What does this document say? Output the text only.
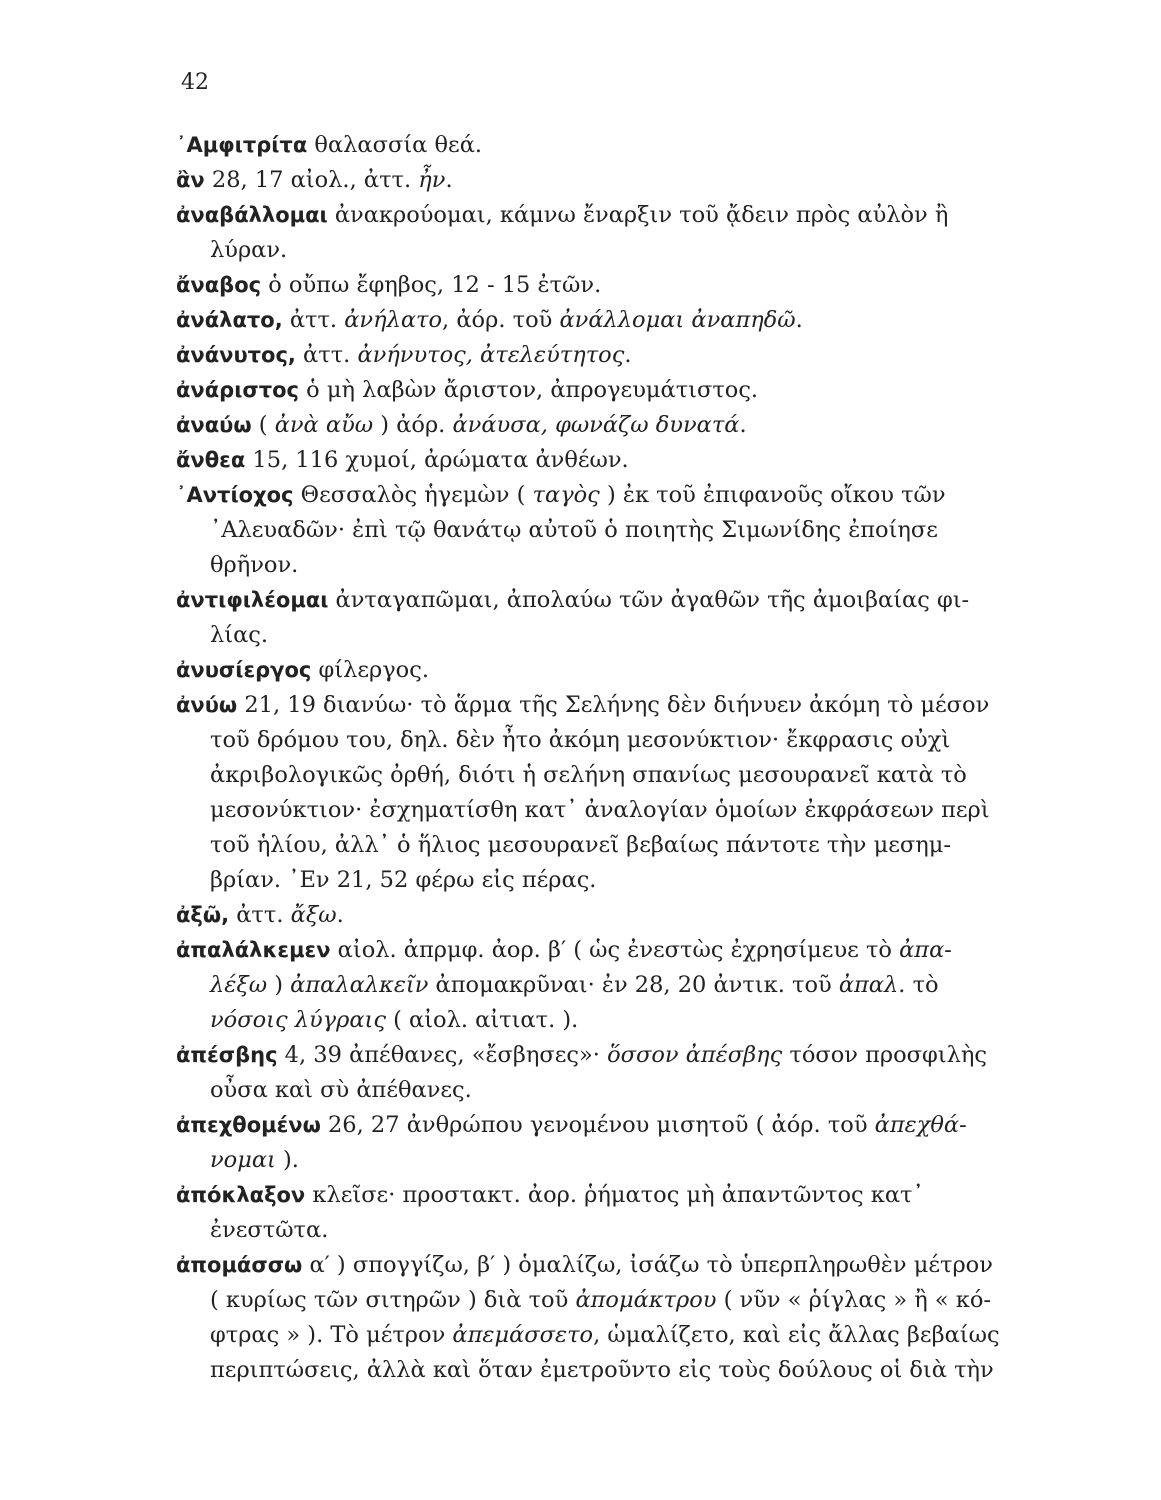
42
᾿Αμφιτρίτα θαλασσία θεά.
ἂν 28, 17 αἰολ., ἀττ. ἦν.
ἀναβάλλομαι ἀνακρούομαι, κάμνω ἔναρξιν τοῦ ᾄδειν πρὸς αὐλὸν ἢ
λύραν.
ἄναβος ὁ οὔπω ἔφηβος, 12 - 15 ἐτῶν.
ἀνάλατο, ἀττ. ἀνήλατο, ἀόρ. τοῦ ἀνάλλομαι ἀναπηδῶ.
ἀνάνυτος, ἀττ. ἀνήνυτος, ἀτελεύτητος.
ἀνάριστος ὁ μὴ λαβὼν ἄριστον, ἀπρογευμάτιστος.
ἀναύω ( ἀνὰ αὔω ) ἀόρ. ἀνάυσα, φωνάζω δυνατά.
ἄνθεα 15, 116 χυμοί, ἀρώματα ἀνθέων.
᾿Αντίοχος Θεσσαλὸς ἡγεμὼν ( ταγὸς ) ἐκ τοῦ ἐπιφανοῦς οἴκου τῶν
᾿Αλευαδῶν· ἐπὶ τῷ θανάτῳ αὐτοῦ ὁ ποιητὴς Σιμωνίδης ἐποίησε
θρῆνον.
ἀντιφιλέομαι ἀνταγαπῶμαι, ἀπολαύω τῶν ἀγαθῶν τῆς ἀμοιβαίας φι-
λίας.
ἀνυσίεργος φίλεργος.
ἀνύω 21, 19 διανύω· τὸ ἅρμα τῆς Σελήνης δὲν διήνυεν ἀκόμη τὸ μέσον
τοῦ δρόμου του, δηλ. δὲν ἦτο ἀκόμη μεσονύκτιον· ἔκφρασις οὐχὶ
ἀκριβολογικῶς ὀρθή, διότι ἡ σελήνη σπανίως μεσουρανεῖ κατὰ τὸ
μεσονύκτιον· ἐσχηματίσθη κατ᾽ ἀναλογίαν ὁμοίων ἐκφράσεων περὶ
τοῦ ἡλίου, ἀλλ᾽ ὁ ἥλιος μεσουρανεῖ βεβαίως πάντοτε τὴν μεσημ-
βρίαν. ᾿Εν 21, 52 φέρω εἰς πέρας.
ἀξῶ, ἀττ. ἄξω.
ἀπαλάλκεμεν αἰολ. ἀπρμφ. ἀορ. β′ ( ὡς ἐνεστὼς ἐχρησίμευε τὸ ἀπα-
λέξω ) ἀπαλαλκεῖν ἀπομακρῦναι· ἐν 28, 20 ἀντικ. τοῦ ἀπαλ. τὸ
νόσοις λύγραις ( αἰολ. αἰτιατ. ).
ἀπέσβης 4, 39 ἀπέθανες, «ἔσβησες»· ὅσσον ἀπέσβης τόσον προσφιλὴς
οὖσα καὶ σὺ ἀπέθανες.
ἀπεχθομένω 26, 27 ἀνθρώπου γενομένου μισητοῦ ( ἀόρ. τοῦ ἀπεχθά-
νομαι ).
ἀπόκλαξον κλεῖσε· προστακτ. ἀορ. ῥήματος μὴ ἀπαντῶντος κατ᾽
ἐνεστῶτα.
ἀπομάσσω α′ ) σπογγίζω, β′ ) ὁμαλίζω, ἰσάζω τὸ ὑπερπληρωθὲν μέτρον
( κυρίως τῶν σιτηρῶν ) διὰ τοῦ ἀπομάκτρου ( νῦν « ῥίγλας » ἢ « κό-
φτρας » ). Τὸ μέτρον ἀπεμάσσετο, ὡμαλίζετο, καὶ εἰς ἄλλας βεβαίως
περιπτώσεις, ἀλλὰ καὶ ὅταν ἐμετροῦντο εἰς τοὺς δούλους οἱ διὰ τὴν
